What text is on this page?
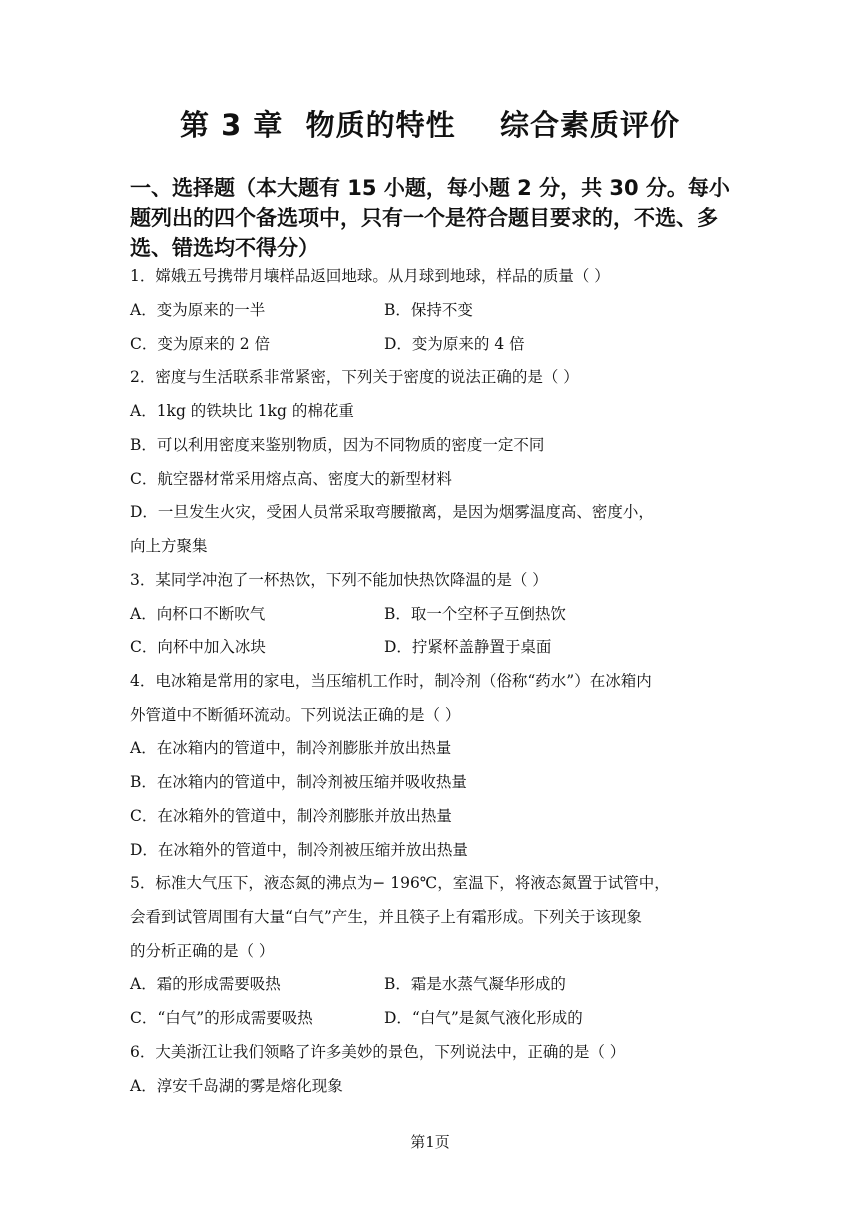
第 3 章  物质的特性    综合素质评价
一、选择题（本大题有 15 小题，每小题 2 分，共 30 分。每小题列出的四个备选项中，只有一个是符合题目要求的，不选、多选、错选均不得分）
1．嫦娥五号携带月壤样品返回地球。从月球到地球，样品的质量（ ）
A．变为原来的一半	B．保持不变
C．变为原来的 2 倍	D．变为原来的 4 倍
2．密度与生活联系非常紧密，下列关于密度的说法正确的是（ ）
A．1kg 的铁块比 1kg 的棉花重
B．可以利用密度来鉴别物质，因为不同物质的密度一定不同
C．航空器材常采用熔点高、密度大的新型材料
D．一旦发生火灾，受困人员常采取弯腰撤离，是因为烟雾温度高、密度小，
向上方聚集
3．某同学冲泡了一杯热饮，下列不能加快热饮降温的是（ ）
A．向杯口不断吹气	B．取一个空杯子互倒热饮
C．向杯中加入冰块	D．拧紧杯盖静置于桌面
4．电冰箱是常用的家电，当压缩机工作时，制冷剂（俗称“药水”）在冰箱内
外管道中不断循环流动。下列说法正确的是（ ）
A．在冰箱内的管道中，制冷剂膨胀并放出热量
B．在冰箱内的管道中，制冷剂被压缩并吸收热量
C．在冰箱外的管道中，制冷剂膨胀并放出热量
D．在冰箱外的管道中，制冷剂被压缩并放出热量
5．标准大气压下，液态氮的沸点为− 196℃，室温下，将液态氮置于试管中，
会看到试管周围有大量“白气”产生，并且筷子上有霜形成。下列关于该现象
的分析正确的是（ ）
A．霜的形成需要吸热	B．霜是水蒸气凝华形成的
C．“白气”的形成需要吸热	D．“白气”是氮气液化形成的
6．大美浙江让我们领略了许多美妙的景色，下列说法中，正确的是（ ）
A．淳安千岛湖的雾是熔化现象
第1页
